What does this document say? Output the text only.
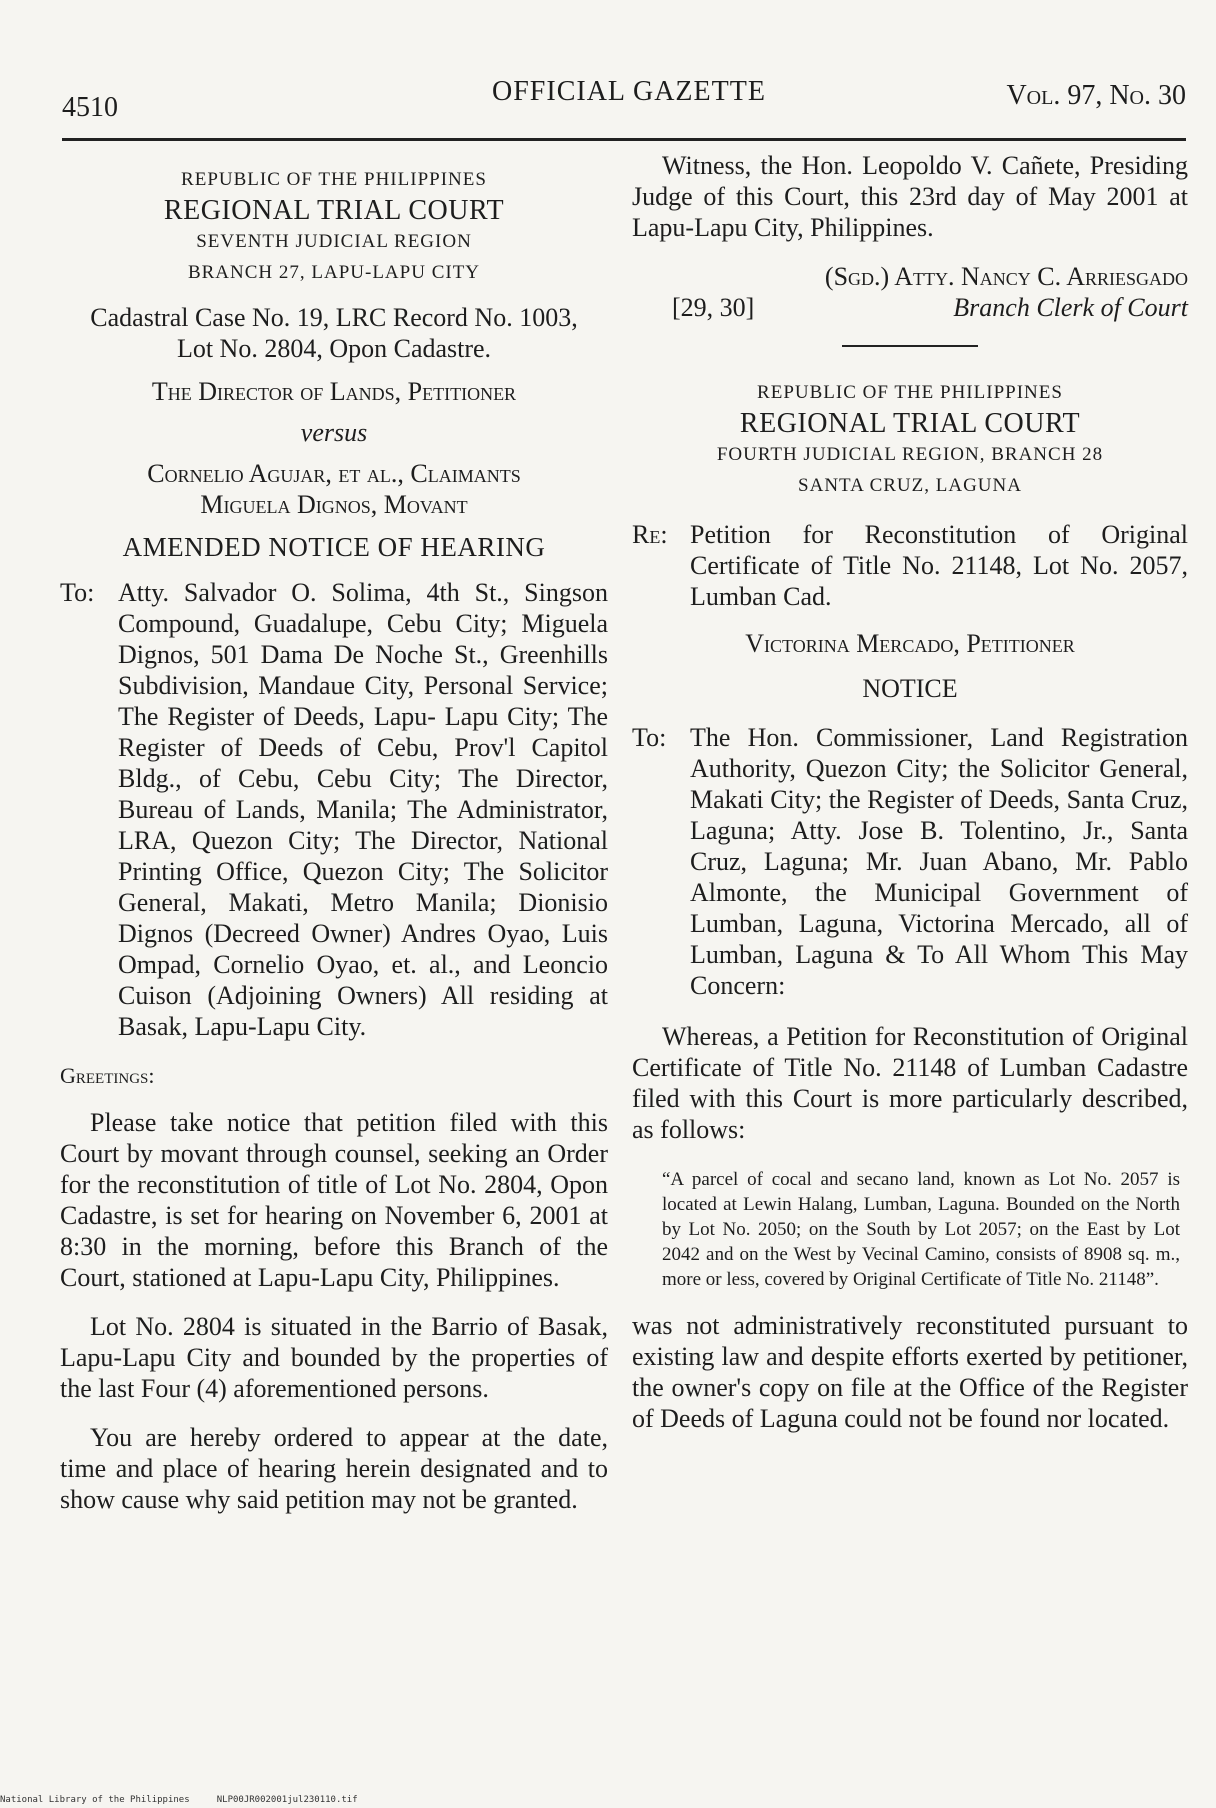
4510
OFFICIAL GAZETTE	Vol. 97, No. 30
REPUBLIC OF THE PHILIPPINES
REGIONAL TRIAL COURT
SEVENTH JUDICIAL REGION
BRANCH 27, LAPU-LAPU CITY
Cadastral Case No. 19, LRC Record No. 1003,
Lot No. 2804, Opon Cadastre.
The Director of Lands, Petitioner
versus
Cornelio Agujar, et al., Claimants
Miguela Dignos, Movant
AMENDED NOTICE OF HEARING
To: Atty. Salvador O. Solima, 4th St., Singson Compound, Guadalupe, Cebu City; Miguela Dignos, 501 Dama De Noche St., Greenhills Subdivision, Mandaue City, Personal Service; The Register of Deeds, Lapu- Lapu City; The Register of Deeds of Cebu, Prov'l Capitol Bldg., of Cebu, Cebu City; The Director, Bureau of Lands, Manila; The Administrator, LRA, Quezon City; The Director, National Printing Office, Quezon City; The Solicitor General, Makati, Metro Manila; Dionisio Dignos (Decreed Owner) Andres Oyao, Luis Ompad, Cornelio Oyao, et. al., and Leoncio Cuison (Adjoining Owners) All residing at Basak, Lapu-Lapu City.
Greetings:

Please take notice that petition filed with this Court by movant through counsel, seeking an Order for the reconstitution of title of Lot No. 2804, Opon Cadastre, is set for hearing on November 6, 2001 at 8:30 in the morning, before this Branch of the Court, stationed at Lapu-Lapu City, Philippines.

Lot No. 2804 is situated in the Barrio of Basak, Lapu-Lapu City and bounded by the properties of the last Four (4) aforementioned persons.

You are hereby ordered to appear at the date, time and place of hearing herein designated and to show cause why said petition may not be granted.

Witness, the Hon. Leopoldo V. Cañete, Presiding Judge of this Court, this 23rd day of May 2001 at Lapu-Lapu City, Philippines.

(Sgd.) Atty. Nancy C. Arriesgado
[29, 30]	Branch Clerk of Court
REPUBLIC OF THE PHILIPPINES
REGIONAL TRIAL COURT
FOURTH JUDICIAL REGION, BRANCH 28
SANTA CRUZ, LAGUNA
Re: Petition for Reconstitution of Original Certificate of Title No. 21148, Lot No. 2057, Lumban Cad.
Victorina Mercado, Petitioner
NOTICE
To: The Hon. Commissioner, Land Registration Authority, Quezon City; the Solicitor General, Makati City; the Register of Deeds, Santa Cruz, Laguna; Atty. Jose B. Tolentino, Jr., Santa Cruz, Laguna; Mr. Juan Abano, Mr. Pablo Almonte, the Municipal Government of Lumban, Laguna, Victorina Mercado, all of Lumban, Laguna & To All Whom This May Concern:

Whereas, a Petition for Reconstitution of Original Certificate of Title No. 21148 of Lumban Cadastre filed with this Court is more particularly described, as follows:

“A parcel of cocal and secano land, known as Lot No. 2057 is located at Lewin Halang, Lumban, Laguna. Bounded on the North by Lot No. 2050; on the South by Lot 2057; on the East by Lot 2042 and on the West by Vecinal Camino, consists of 8908 sq. m., more or less, covered by Original Certificate of Title No. 21148”.

was not administratively reconstituted pursuant to existing law and despite efforts exerted by petitioner, the owner's copy on file at the Office of the Register of Deeds of Laguna could not be found nor located.

National Library of the Philippines	NLP00JR002001jul230110.tif
